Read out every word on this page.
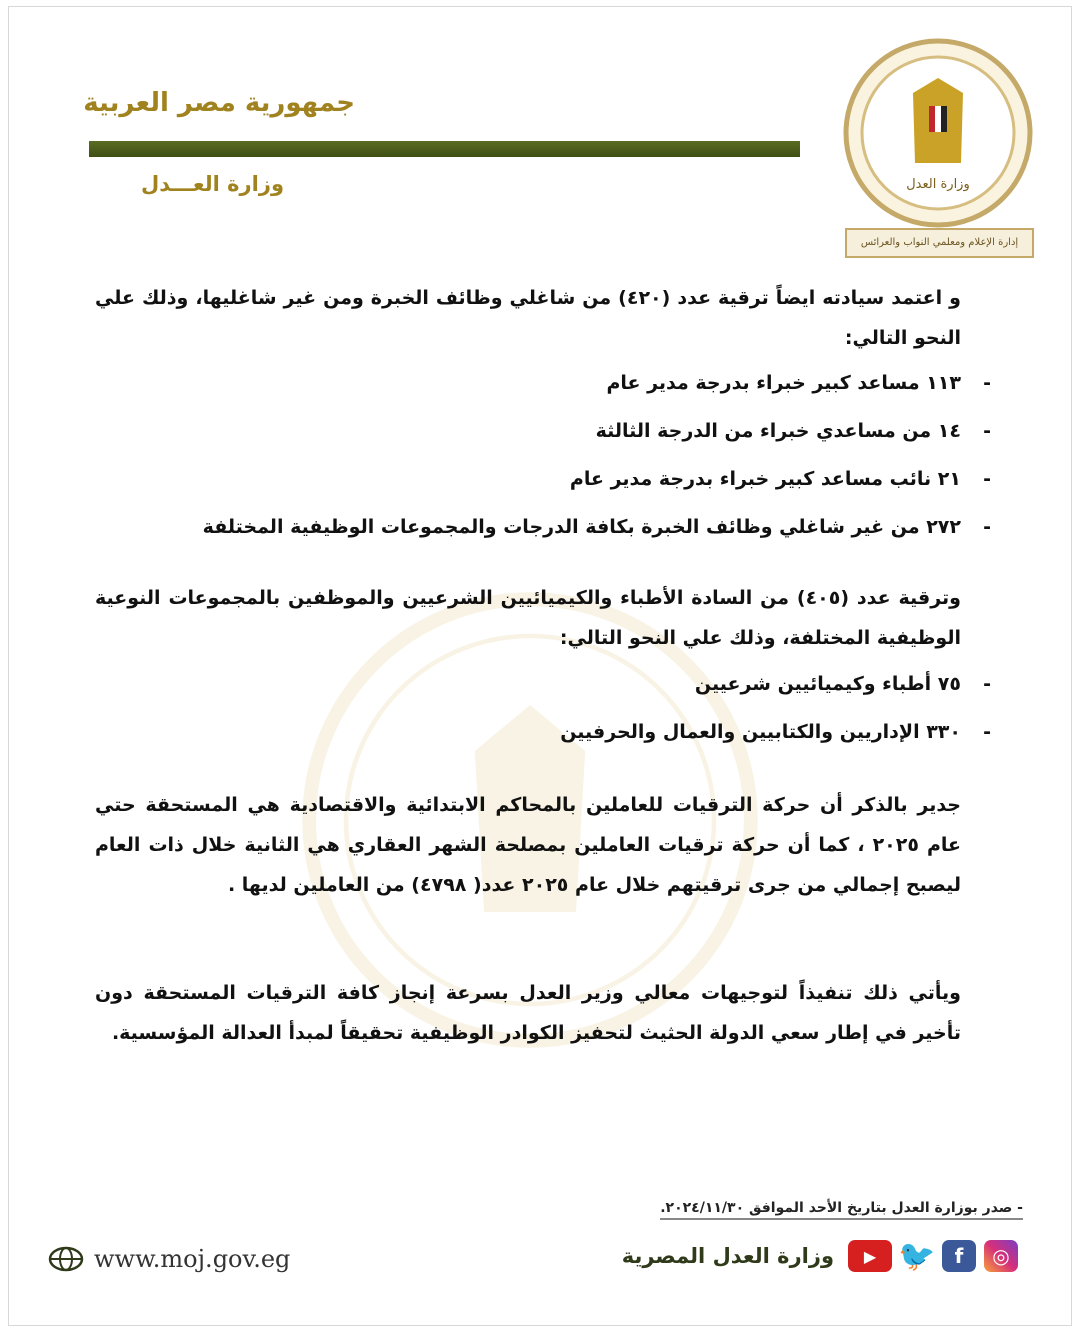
جمهورية مصر العربية
وزارة العـــدل	وزارة العدل
إدارة الإعلام ومعلمي النواب والعرائس

و اعتمد سيادته ايضاً ترقية عدد (٤٢٠) من شاغلي وظائف الخبرة ومن غير شاغليها، وذلك علي النحو التالي:

-
١١٣ مساعد كبير خبراء بدرجة مدير عام
-
١٤ من مساعدي خبراء من الدرجة الثالثة
-
٢١ نائب مساعد كبير خبراء بدرجة مدير عام
-
٢٧٢ من غير شاغلي وظائف الخبرة بكافة الدرجات والمجموعات الوظيفية المختلفة

وترقية عدد (٤٠٥) من السادة الأطباء والكيميائيين الشرعيين والموظفين بالمجموعات النوعية الوظيفية المختلفة، وذلك علي النحو التالي:

-
٧٥ أطباء وكيميائيين شرعيين
-
٣٣٠ الإداريين والكتابيين والعمال والحرفيين

جدير بالذكر أن حركة الترقيات للعاملين بالمحاكم الابتدائية والاقتصادية هي المستحقة حتي عام ٢٠٢٥ ، كما أن حركة ترقيات العاملين بمصلحة الشهر العقاري هي الثانية خلال ذات العام ليصبح إجمالي من جرى ترقيتهم خلال عام ٢٠٢٥ عدد( ٤٧٩٨) من العاملين لديها .

ويأتي ذلك تنفيذاً لتوجيهات معالي وزير العدل بسرعة إنجاز كافة الترقيات المستحقة دون تأخير في إطار سعي الدولة الحثيث لتحفيز الكوادر الوظيفية تحقيقاً لمبدأ العدالة المؤسسية.

- صدر بوزارة العدل بتاريخ الأحد الموافق ٢٠٢٤/١١/٣٠.
◎
f
🐦
▶
وزارة العدل المصرية
www.moj.gov.eg
